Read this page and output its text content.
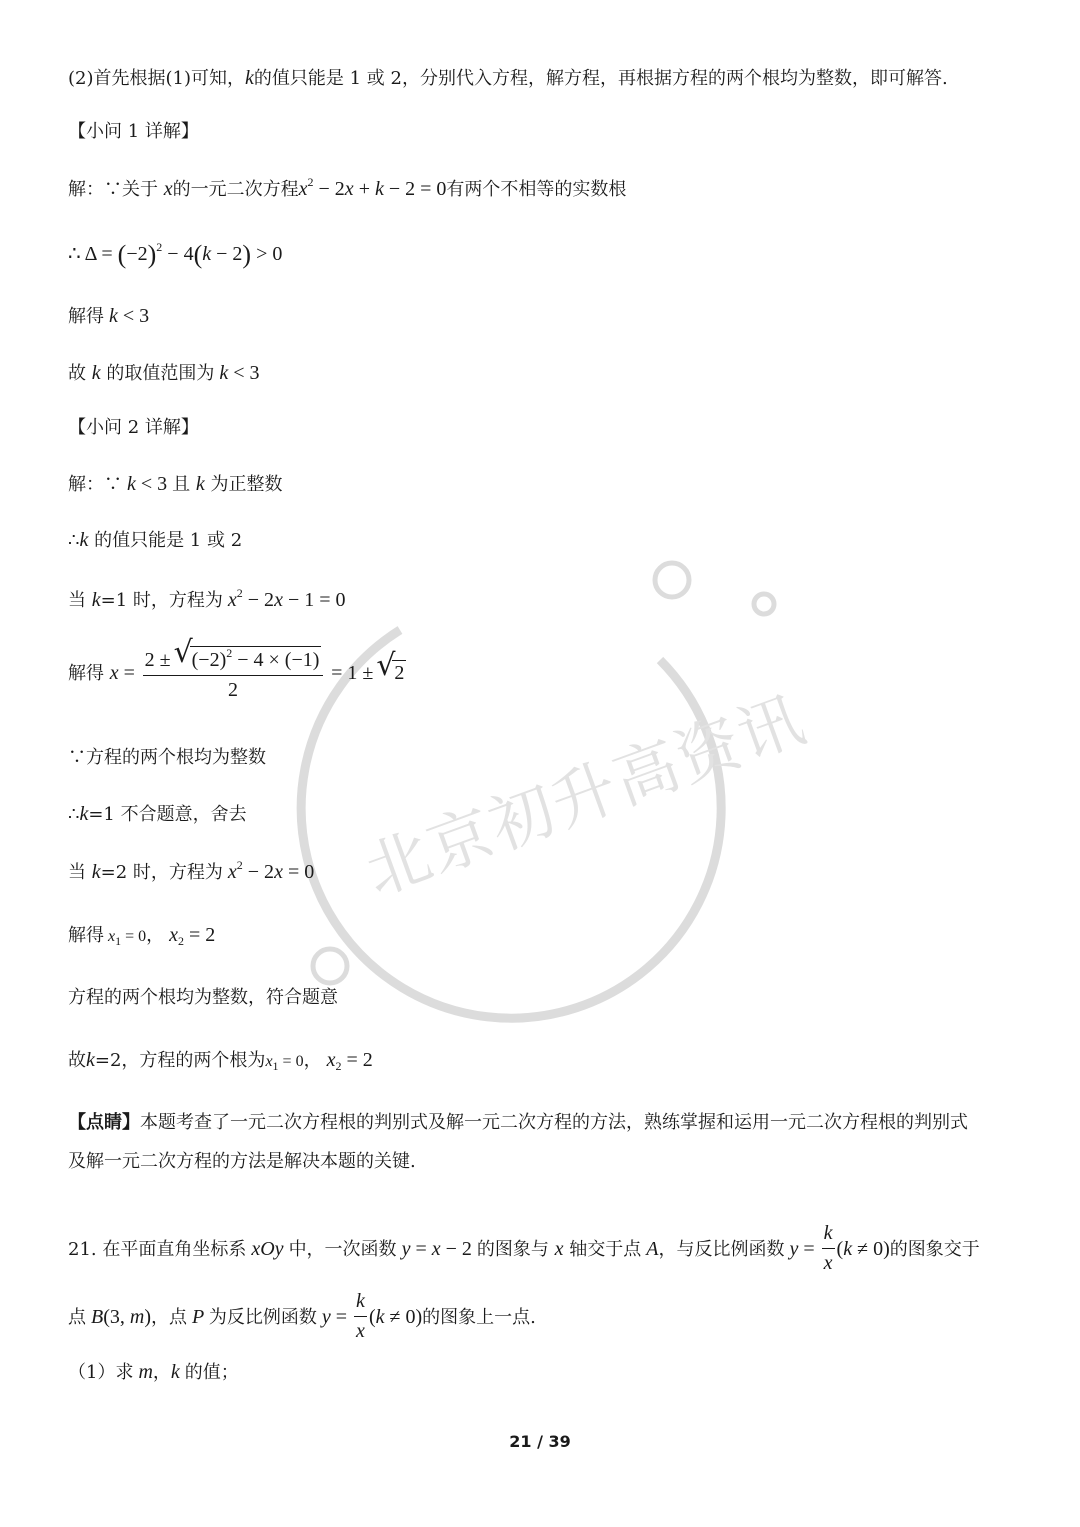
北京初升高资讯
(2)首先根据(1)可知，k的值只能是 1 或 2，分别代入方程，解方程，再根据方程的两个根均为整数，即可解答.
【小问 1 详解】
解：∵关于 x的一元二次方程$x^2 - 2x + k - 2 = 0$有两个不相等的实数根
∴ $\Delta = (-2)^2 - 4(k - 2) > 0$
解得 k < 3
故 k 的取值范围为 k < 3
【小问 2 详解】
解：∵ k < 3 且 k 为正整数
∴k 的值只能是 1 或 2
当 k=1 时，方程为 $x^2 - 2x - 1 = 0$
解得 $x = \frac{2 \pm √ (-2)^2 - 4 \times (-1)}{2} = 1$ ± √ 2
∵方程的两个根均为整数
∴k=1 不合题意，舍去
当 k=2 时，方程为 $x^2 - 2x = 0$
解得 $x_1 = 0$， $x_2 = 2$
方程的两个根均为整数，符合题意
故k=2，方程的两个根为$x_1 = 0$， $x_2 = 2$
【点睛】本题考查了一元二次方程根的判别式及解一元二次方程的方法，熟练掌握和运用一元二次方程根的判别式
及解一元二次方程的方法是解决本题的关键.
21. 在平面直角坐标系 xOy 中，一次函数 y = x − 2 的图象与 x 轴交于点 A，与反比例函数 $y = \frac{k}{x} (k \ne 0)$的图象交于
点 B(3, m)，点 P 为反比例函数 $y = \frac{k}{x} (k \ne 0)$的图象上一点.
（1）求 m，k 的值；
21 / 39
